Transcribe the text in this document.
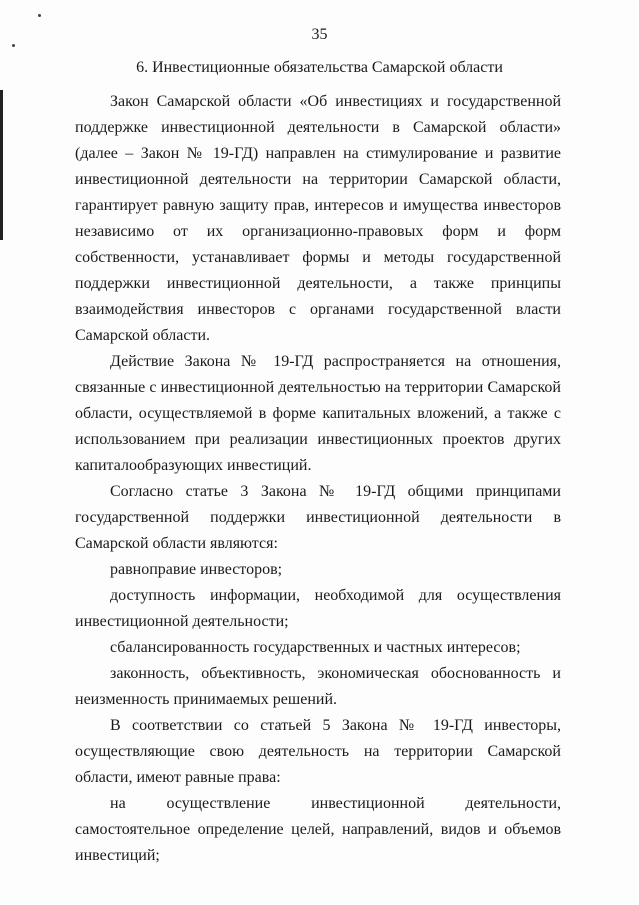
35
6. Инвестиционные обязательства Самарской области

Закон Самарской области «Об инвестициях и государственной поддержке инвестиционной деятельности в Самарской области» (далее – Закон № 19-ГД) направлен на стимулирование и развитие инвестиционной деятельности на территории Самарской области, гарантирует равную защиту прав, интересов и имущества инвесторов независимо от их организационно-правовых форм и форм собственности, устанавливает формы и методы государственной поддержки инвестиционной деятельности, а также принципы взаимодействия инвесторов с органами государственной власти Самарской области.

Действие Закона № 19-ГД распространяется на отношения, связанные с инвестиционной деятельностью на территории Самарской области, осуществляемой в форме капитальных вложений, а также с использованием при реализации инвестиционных проектов других капиталообразующих инвестиций.

Согласно статье 3 Закона № 19-ГД общими принципами государственной поддержки инвестиционной деятельности в Самарской области являются:

равноправие инвесторов;

доступность информации, необходимой для осуществления инвестиционной деятельности;

сбалансированность государственных и частных интересов;

законность, объективность, экономическая обоснованность и неизменность принимаемых решений.

В соответствии со статьей 5 Закона № 19-ГД инвесторы, осуществляющие свою деятельность на территории Самарской области, имеют равные права:

на осуществление инвестиционной деятельности, самостоятельное определение целей, направлений, видов и объемов инвестиций;
